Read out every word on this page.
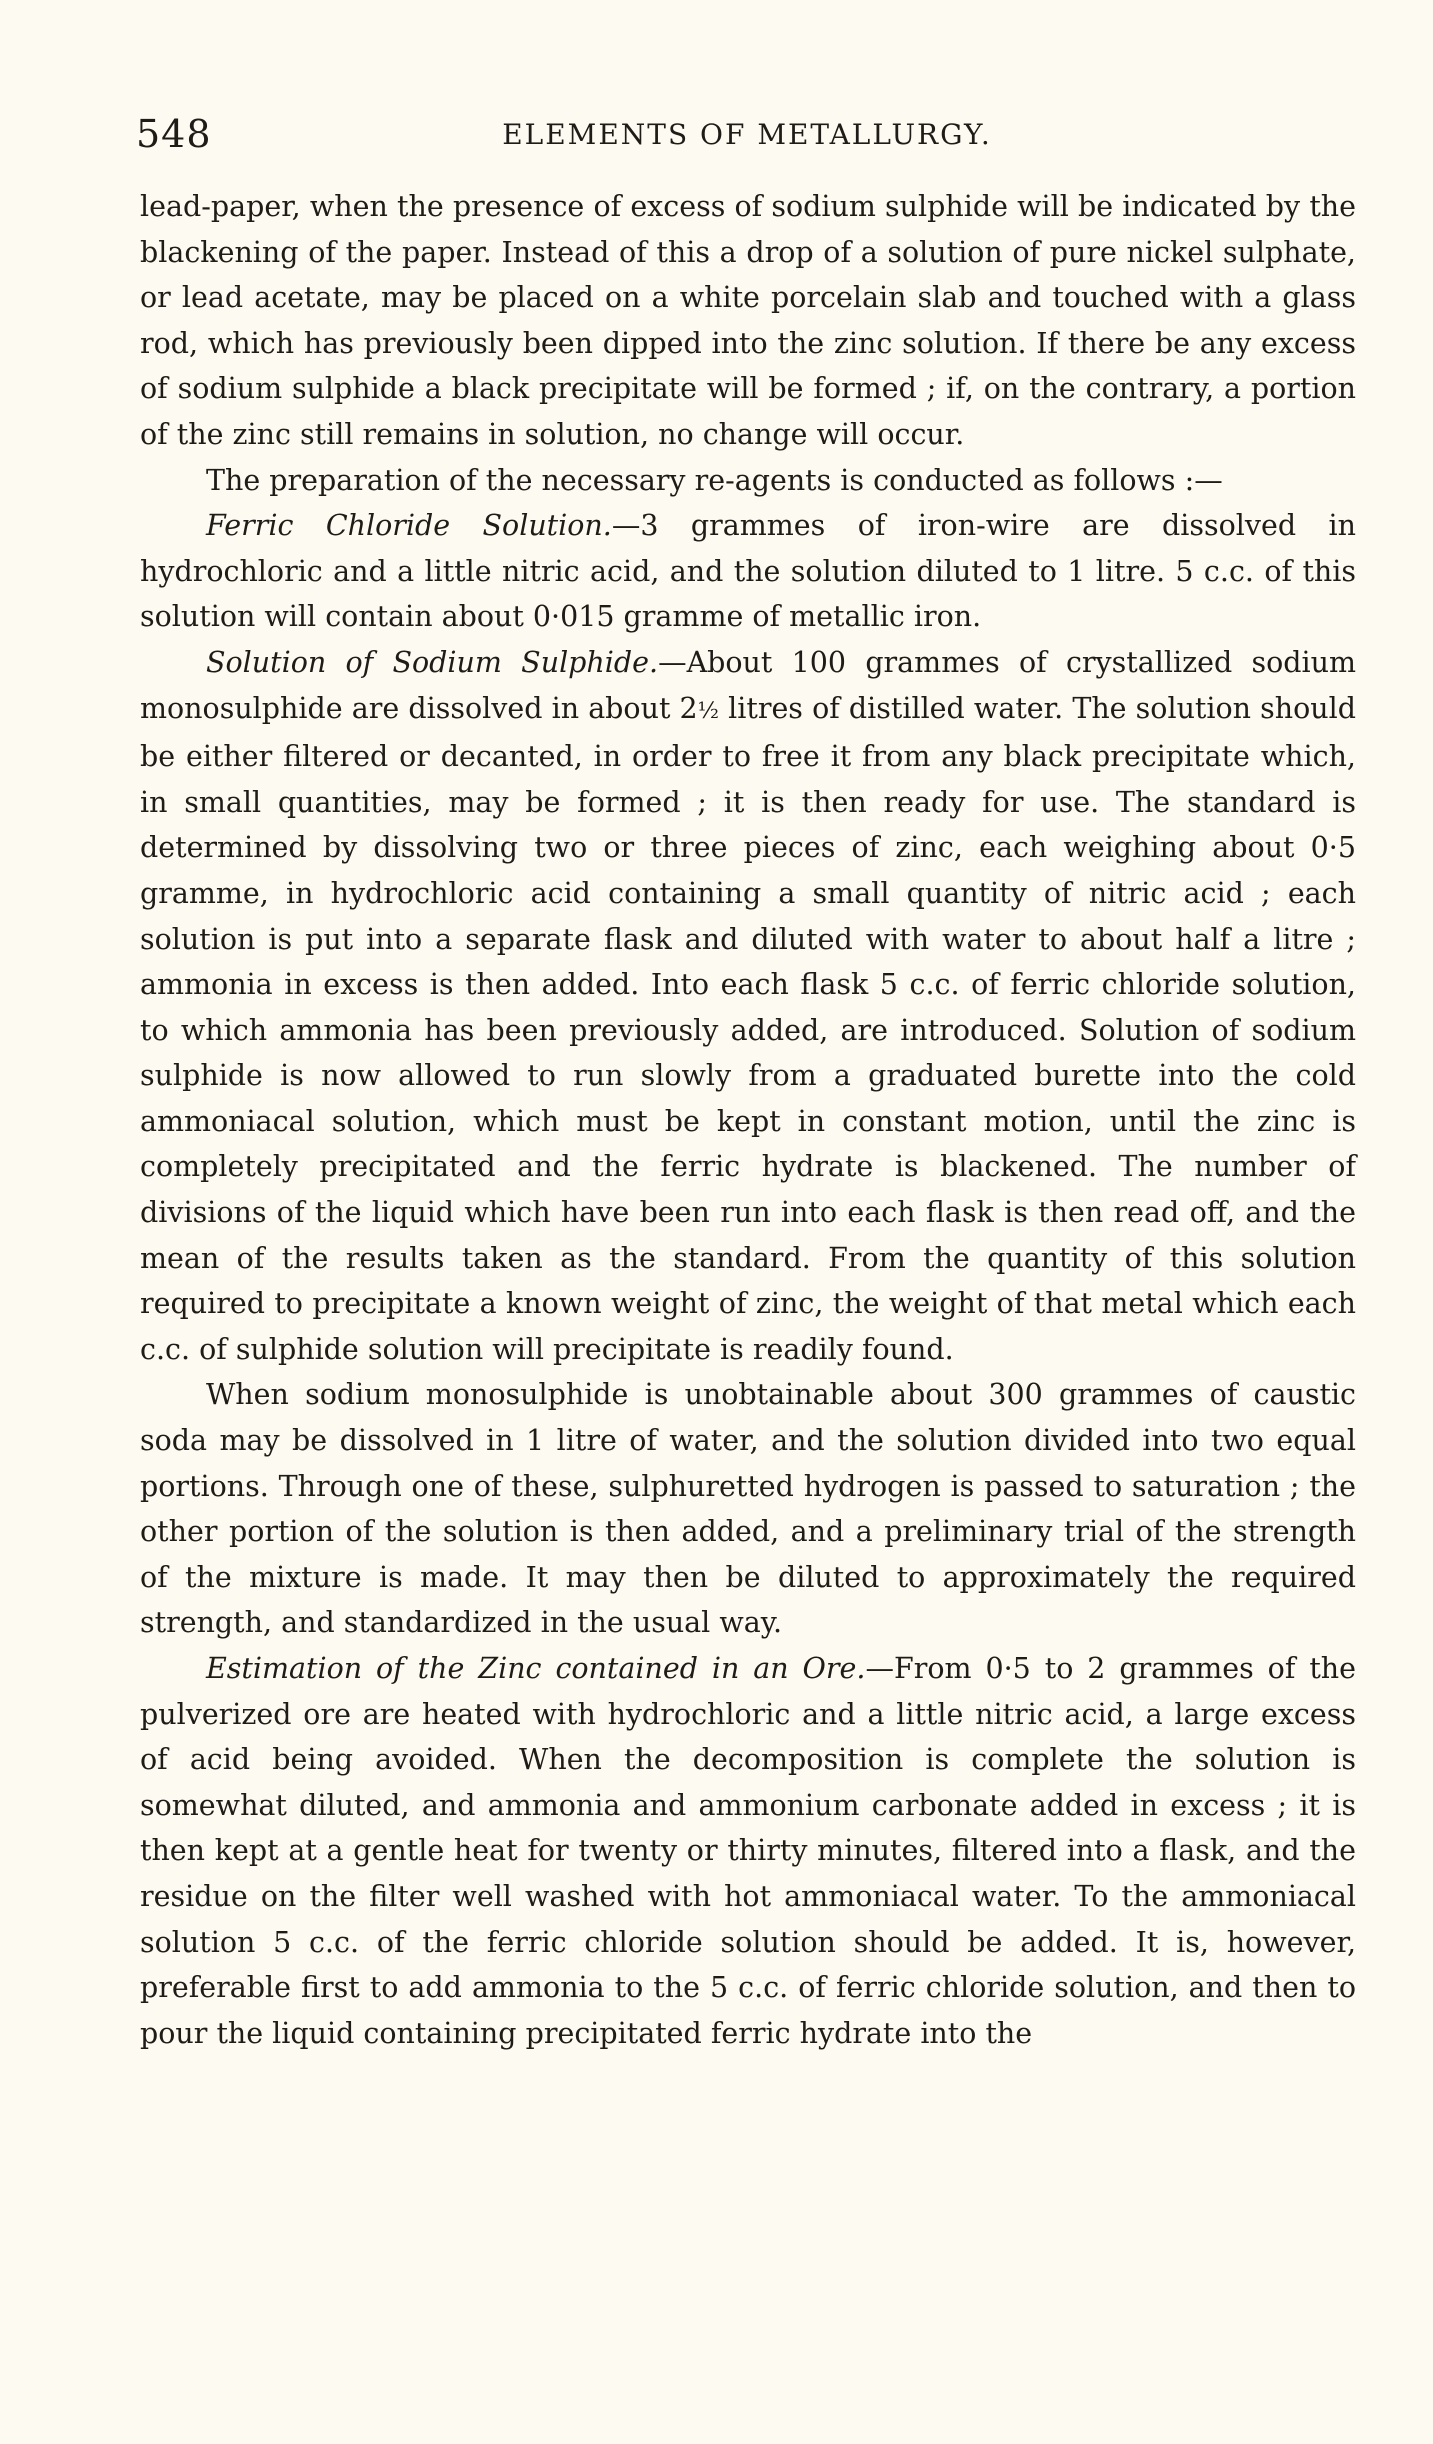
548	ELEMENTS OF METALLURGY.

lead-paper, when the presence of excess of sodium sulphide will be indicated by the blackening of the paper. Instead of this a drop of a solution of pure nickel sulphate, or lead acetate, may be placed on a white porcelain slab and touched with a glass rod, which has previously been dipped into the zinc solution. If there be any excess of sodium sulphide a black precipitate will be formed ; if, on the contrary, a portion of the zinc still remains in solution, no change will occur.

The preparation of the necessary re-agents is conducted as follows :—

Ferric Chloride Solution.—3 grammes of iron-wire are dissolved in hydrochloric and a little nitric acid, and the solution diluted to 1 litre. 5 c.c. of this solution will contain about 0·015 gramme of metallic iron.

Solution of Sodium Sulphide.—About 100 grammes of crystallized sodium monosulphide are dissolved in about 2½ litres of distilled water. The solution should be either filtered or decanted, in order to free it from any black precipitate which, in small quantities, may be formed ; it is then ready for use. The standard is determined by dissolving two or three pieces of zinc, each weighing about 0·5 gramme, in hydrochloric acid containing a small quantity of nitric acid ; each solution is put into a separate flask and diluted with water to about half a litre ; ammonia in excess is then added. Into each flask 5 c.c. of ferric chloride solution, to which ammonia has been previously added, are introduced. Solution of sodium sulphide is now allowed to run slowly from a graduated burette into the cold ammoniacal solution, which must be kept in constant motion, until the zinc is completely precipitated and the ferric hydrate is blackened. The number of divisions of the liquid which have been run into each flask is then read off, and the mean of the results taken as the standard. From the quantity of this solution required to precipitate a known weight of zinc, the weight of that metal which each c.c. of sulphide solution will precipitate is readily found.

When sodium monosulphide is unobtainable about 300 grammes of caustic soda may be dissolved in 1 litre of water, and the solution divided into two equal portions. Through one of these, sulphuretted hydrogen is passed to saturation ; the other portion of the solution is then added, and a preliminary trial of the strength of the mixture is made. It may then be diluted to approximately the required strength, and standardized in the usual way.

Estimation of the Zinc contained in an Ore.—From 0·5 to 2 grammes of the pulverized ore are heated with hydrochloric and a little nitric acid, a large excess of acid being avoided. When the decomposition is complete the solution is somewhat diluted, and ammonia and ammonium carbonate added in excess ; it is then kept at a gentle heat for twenty or thirty minutes, filtered into a flask, and the residue on the filter well washed with hot ammoniacal water. To the ammoniacal solution 5 c.c. of the ferric chloride solution should be added. It is, however, preferable first to add ammonia to the 5 c.c. of ferric chloride solution, and then to pour the liquid containing precipitated ferric hydrate into the
